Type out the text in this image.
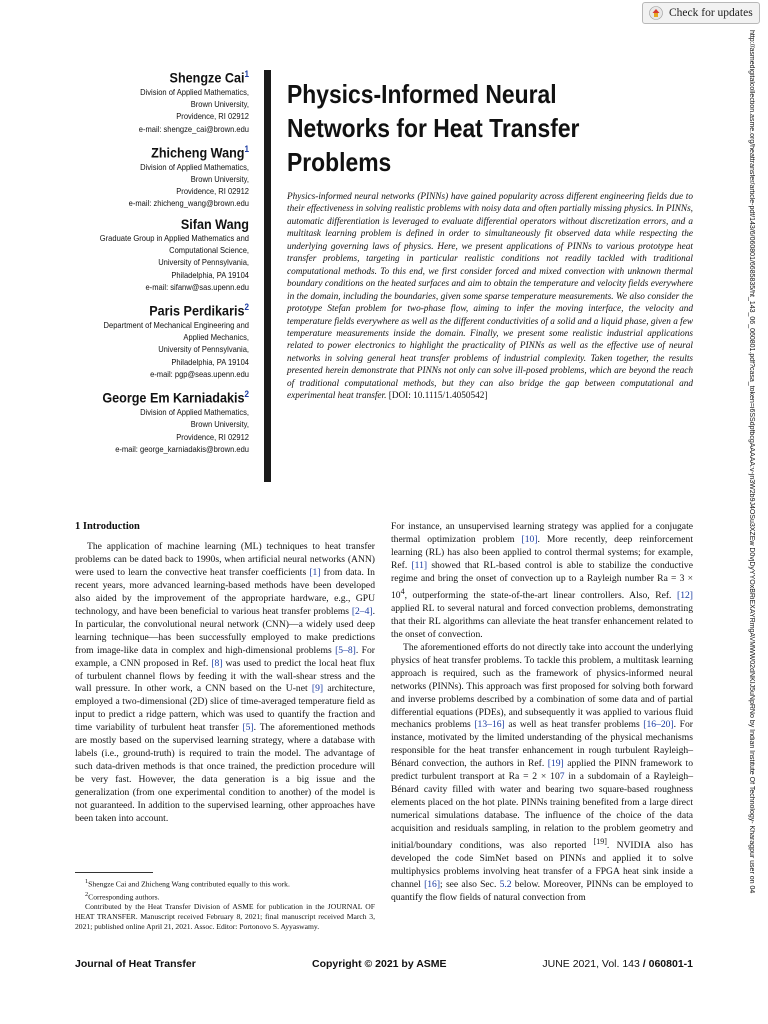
Check for updates
http://asmedigitalcollection.asme.org/heattransfer/article-pdf/143/6/060801/6685835/ht_143_06_060801.pdf?casa_token=i6SSdpfbcgAAAAA:v-jn3W2b9J4OSu3XZEw D0vjDyYYOxBRiEXAYRmgAVMWW02dNKIJ5uNpRNo by Indian Institute Of Technology- Kharagpur user on 04
Shengze Cai$^1$
Division of Applied Mathematics,
Brown University,
Providence, RI 02912
e-mail: shengze_cai@brown.edu
Zhicheng Wang$^1$
Division of Applied Mathematics,
Brown University,
Providence, RI 02912
e-mail: zhicheng_wang@brown.edu
Sifan Wang
Graduate Group in Applied Mathematics and
Computational Science,
University of Pennsylvania,
Philadelphia, PA 19104
e-mail: sifanw@sas.upenn.edu
Paris Perdikaris$^2$
Department of Mechanical Engineering and
Applied Mechanics,
University of Pennsylvania,
Philadelphia, PA 19104
e-mail: pgp@seas.upenn.edu
George Em Karniadakis$^2$
Division of Applied Mathematics,
Brown University,
Providence, RI 02912
e-mail: george_karniadakis@brown.edu
Physics-Informed Neural
Networks for Heat Transfer
Problems
Physics-informed neural networks (PINNs) have gained popularity across different engineering fields due to their effectiveness in solving realistic problems with noisy data and often partially missing physics. In PINNs, automatic differentiation is leveraged to evaluate differential operators without discretization errors, and a multitask learning problem is defined in order to simultaneously fit observed data while respecting the underlying governing laws of physics. Here, we present applications of PINNs to various prototype heat transfer problems, targeting in particular realistic conditions not readily tackled with traditional computational methods. To this end, we first consider forced and mixed convection with unknown thermal boundary conditions on the heated surfaces and aim to obtain the temperature and velocity fields everywhere in the domain, including the boundaries, given some sparse temperature measurements. We also consider the prototype Stefan problem for two-phase flow, aiming to infer the moving interface, the velocity and temperature fields everywhere as well as the different conductivities of a solid and a liquid phase, given a few temperature measurements inside the domain. Finally, we present some realistic industrial applications related to power electronics to highlight the practicality of PINNs as well as the effective use of neural networks in solving general heat transfer problems of industrial complexity. Taken together, the results presented herein demonstrate that PINNs not only can solve ill-posed problems, which are beyond the reach of traditional computational methods, but they can also bridge the gap between computational and experimental heat transfer. [DOI: 10.1115/1.4050542]
1 Introduction

The application of machine learning (ML) techniques to heat transfer problems can be dated back to 1990s, when artificial neural networks (ANN) were used to learn the convective heat transfer coefficients [1] from data. In recent years, more advanced learning-based methods have been developed also aided by the improvement of the appropriate hardware, e.g., GPU technology, and have been beneficial to various heat transfer problems [2–4]. In particular, the convolutional neural network (CNN)—a widely used deep learning technique—has been successfully employed to make predictions from image-like data in complex and high-dimensional problems [5–8]. For example, a CNN proposed in Ref. [8] was used to predict the local heat flux of turbulent channel flows by feeding it with the wall-shear stress and the wall pressure. In other work, a CNN based on the U-net [9] architecture, employed a two-dimensional (2D) slice of time-averaged temperature field as input to predict a ridge pattern, which was used to quantify the fraction and time variability of turbulent heat transfer [5]. The aforementioned methods are mostly based on the supervised learning strategy, where a database with labels (i.e., ground-truth) is required to train the model. The advantage of such data-driven methods is that once trained, the prediction procedure will be very fast. However, the data generation is a big issue and the generalization (from one experimental condition to another) of the model is not guaranteed. In addition to the supervised learning, other approaches have been taken into account.

For instance, an unsupervised learning strategy was applied for a conjugate thermal optimization problem [10]. More recently, deep reinforcement learning (RL) has also been applied to control thermal systems; for example, Ref. [11] showed that RL-based control is able to stabilize the conductive regime and bring the onset of convection up to a Rayleigh number $Ra = 3 \times 10^4$, outperforming the state-of-the-art linear controllers. Also, Ref. [12] applied RL to several natural and forced convection problems, demonstrating that their RL algorithms can alleviate the heat transfer enhancement related to the onset of convection.

The aforementioned efforts do not directly take into account the underlying physics of heat transfer problems. To tackle this problem, a multitask learning approach is required, such as the framework of physics-informed neural networks (PINNs). This approach was first proposed for solving both forward and inverse problems described by a combination of some data and of partial differential equations (PDEs), and subsequently it was applied to various fluid mechanics problems [13–16] as well as heat transfer problems [16–20]. For instance, motivated by the limited understanding of the physical mechanisms responsible for the heat transfer enhancement in rough turbulent Rayleigh–Bénard convection, the authors in Ref. [19] applied the PINN framework to predict turbulent transport at Ra = 2 × 107 in a subdomain of a Rayleigh–Bénard cavity filled with water and bearing two square-based roughness elements placed on the hot plate. PINNs training benefited from a large direct numerical simulations database. The influence of the choice of the data acquisition and residuals sampling, in relation to the problem geometry and initial/boundary conditions, was also reported [19]. NVIDIA also has developed the code SimNet based on PINNs and applied it to solve multiphysics problems involving heat transfer of a FPGA heat sink inside a channel [16]; see also Sec. 5.2 below. Moreover, PINNs can be employed to quantify the flow fields of natural convection from

$^1$Shengze Cai and Zhicheng Wang contributed equally to this work.

$^2$Corresponding authors.

Contributed by the Heat Transfer Division of ASME for publication in the JOURNAL OF HEAT TRANSFER. Manuscript received February 8, 2021; final manuscript received March 3, 2021; published online April 21, 2021. Assoc. Editor: Portonovo S. Ayyaswamy.

Journal of Heat Transfer	Copyright © 2021 by ASME	JUNE 2021, Vol. 143 / 060801-1
